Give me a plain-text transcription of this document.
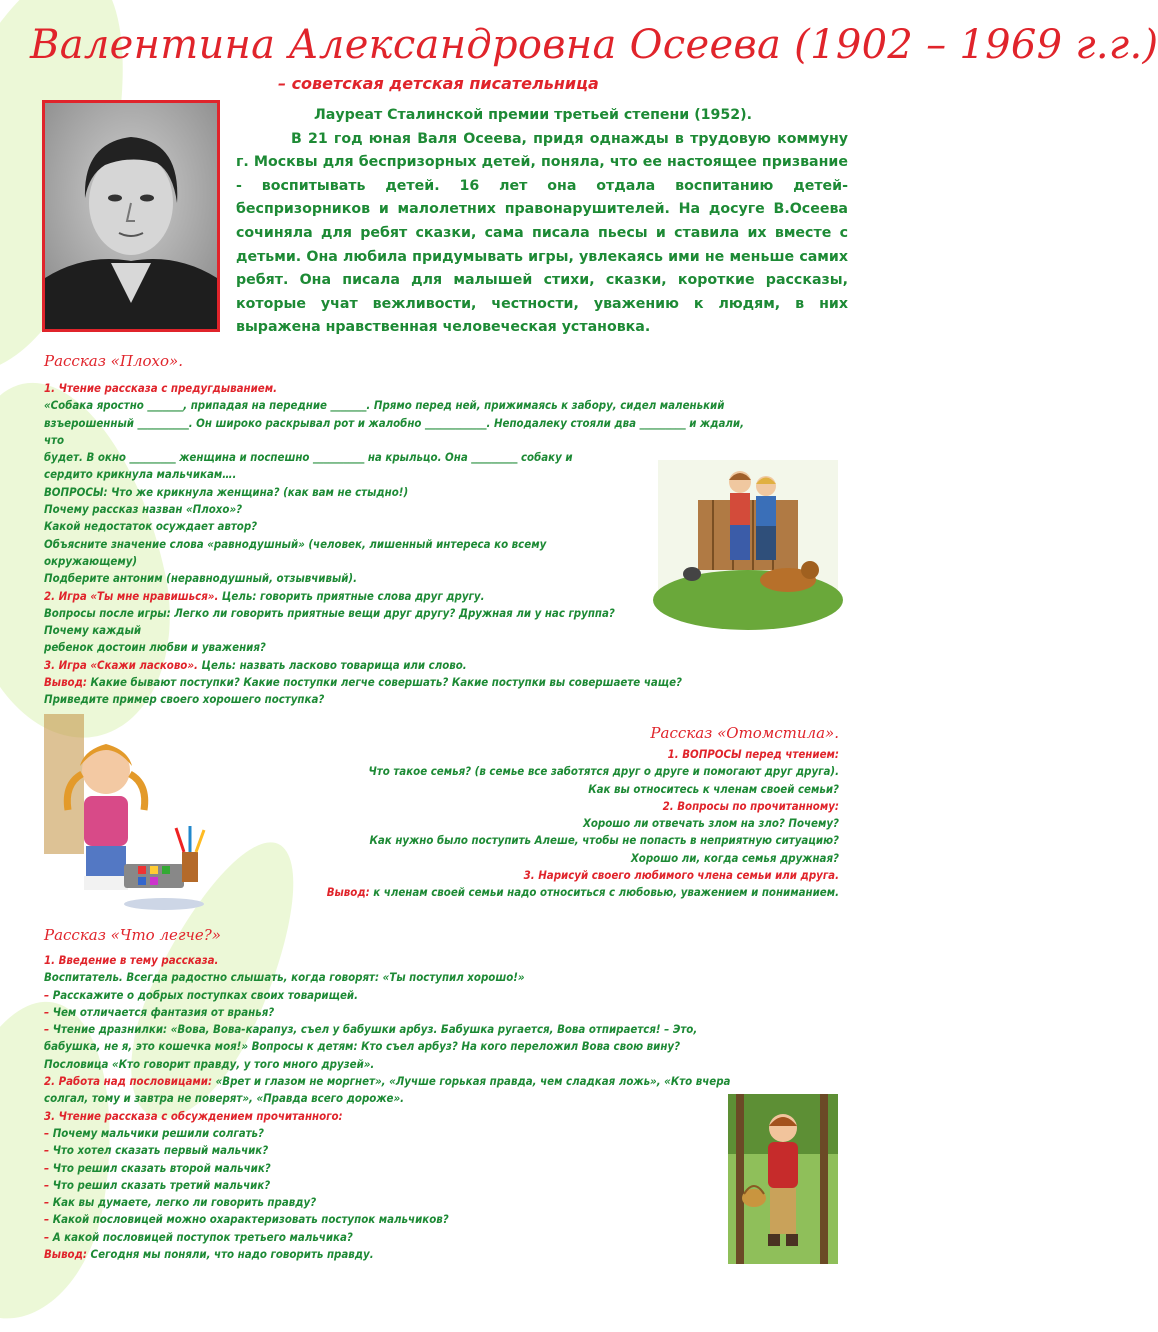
Валентина Александровна Осеева (1902 – 1969 г.г.)
– советская детская писательница

Лауреат Сталинской премии третьей степени (1952).

В 21 год юная Валя Осеева, придя однажды в трудовую коммуну г. Москвы для беспризорных детей, поняла, что ее настоящее призвание - воспитывать детей. 16 лет она отдала воспитанию детей-беспризорников и малолетних правонарушителей. На досуге В.Осеева сочиняла для ребят сказки, сама писала пьесы и ставила их вместе с детьми. Она любила придумывать игры, увлекаясь ими не меньше самих ребят. Она писала для малышей стихи, сказки, короткие рассказы, которые учат вежливости, честности, уважению к людям, в них выражена нравственная человеческая установка.

Рассказ «Плохо».
1. Чтение рассказа с предугдыванием.
«Собака яростно _______, припадая на передние _______. Прямо перед ней, прижимаясь к забору, сидел маленький
взъерошенный __________. Он широко раскрывал рот и жалобно ____________. Неподалеку стояли два _________ и ждали,
что
будет. В окно _________ женщина и поспешно __________ на крыльцо. Она _________ собаку и
сердито крикнула мальчикам….
ВОПРОСЫ: Что же крикнула женщина? (как вам не стыдно!)
Почему рассказ назван «Плохо»?
Какой недостаток осуждает автор?
Объясните значение слова «равнодушный» (человек, лишенный интереса ко всему
окружающему)
Подберите антоним (неравнодушный, отзывчивый).
2. Игра «Ты мне нравишься». Цель: говорить приятные слова друг другу.
Вопросы после игры: Легко ли говорить приятные вещи друг другу? Дружная ли у нас группа?
Почему каждый
ребенок достоин любви и уважения?
3. Игра «Скажи ласково». Цель: назвать ласково товарища или слово.
Вывод: Какие бывают поступки? Какие поступки легче совершать? Какие поступки вы совершаете чаще?
Приведите пример своего хорошего поступка?
Рассказ «Отомстила».
1. ВОПРОСЫ перед чтением:
Что такое семья? (в семье все заботятся друг о друге и помогают друг друга).
Как вы относитесь к членам своей семьи?
2. Вопросы по прочитанному:
Хорошо ли отвечать злом на зло? Почему?
Как нужно было поступить Алеше, чтобы не попасть в неприятную ситуацию?
Хорошо ли, когда семья дружная?
3. Нарисуй своего любимого члена семьи или друга.
Вывод: к членам своей семьи надо относиться с любовью, уважением и пониманием.
Рассказ «Что легче?»
1. Введение в тему рассказа.
Воспитатель. Всегда радостно слышать, когда говорят: «Ты поступил хорошо!»
– Расскажите о добрых поступках своих товарищей.
– Чем отличается фантазия от вранья?
– Чтение дразнилки: «Вова, Вова-карапуз, съел у бабушки арбуз. Бабушка ругается, Вова отпирается! – Это,
бабушка, не я, это кошечка моя!» Вопросы к детям: Кто съел арбуз? На кого переложил Вова свою вину?
Пословица «Кто говорит правду, у того много друзей».
2. Работа над пословицами: «Врет и глазом не моргнет», «Лучше горькая правда, чем сладкая ложь», «Кто вчера
солгал, тому и завтра не поверят», «Правда всего дороже».
3. Чтение рассказа с обсуждением прочитанного:
– Почему мальчики решили солгать?
– Что хотел сказать первый мальчик?
– Что решил сказать второй мальчик?
– Что решил сказать третий мальчик?
– Как вы думаете, легко ли говорить правду?
– Какой пословицей можно охарактеризовать поступок мальчиков?
– А какой пословицей поступок третьего мальчика?
Вывод: Сегодня мы поняли, что надо говорить правду.
